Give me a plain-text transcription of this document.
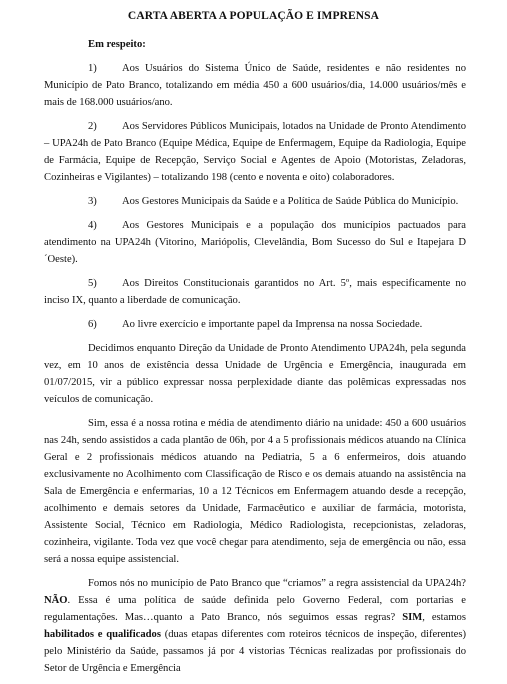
CARTA ABERTA A POPULAÇÃO E IMPRENSA

Em respeito:

1) Aos Usuários do Sistema Único de Saúde, residentes e não residentes no Município de Pato Branco, totalizando em média 450 a 600 usuários/dia, 14.000 usuários/mês e mais de 168.000 usuários/ano.

2) Aos Servidores Públicos Municipais, lotados na Unidade de Pronto Atendimento – UPA24h de Pato Branco (Equipe Médica, Equipe de Enfermagem, Equipe da Radiologia, Equipe de Farmácia, Equipe de Recepção, Serviço Social e Agentes de Apoio (Motoristas, Zeladoras, Cozinheiras e Vigilantes) – totalizando 198 (cento e noventa e oito) colaboradores.

3) Aos Gestores Municipais da Saúde e a Política de Saúde Pública do Município.

4) Aos Gestores Municipais e a população dos municípios pactuados para atendimento na UPA24h (Vitorino, Mariópolis, Clevelândia, Bom Sucesso do Sul e Itapejara D´Oeste).

5) Aos Direitos Constitucionais garantidos no Art. 5º, mais especificamente no inciso IX, quanto a liberdade de comunicação.

6) Ao livre exercício e importante papel da Imprensa na nossa Sociedade.

Decidimos enquanto Direção da Unidade de Pronto Atendimento UPA24h, pela segunda vez, em 10 anos de existência dessa Unidade de Urgência e Emergência, inaugurada em 01/07/2015, vir a público expressar nossa perplexidade diante das polêmicas expressadas nos veículos de comunicação.

Sim, essa é a nossa rotina e média de atendimento diário na unidade: 450 a 600 usuários nas 24h, sendo assistidos a cada plantão de 06h, por 4 a 5 profissionais médicos atuando na Clínica Geral e 2 profissionais médicos atuando na Pediatria, 5 a 6 enfermeiros, dois atuando exclusivamente no Acolhimento com Classificação de Risco e os demais atuando na assistência na Sala de Emergência e enfermarias, 10 a 12 Técnicos em Enfermagem atuando desde a recepção, acolhimento e demais setores da Unidade, Farmacêutico e auxiliar de farmácia, motorista, Assistente Social, Técnico em Radiologia, Médico Radiologista, recepcionistas, zeladoras, cozinheira, vigilante. Toda vez que você chegar para atendimento, seja de emergência ou não, essa será a nossa equipe assistencial.

Fomos nós no município de Pato Branco que “criamos” a regra assistencial da UPA24h? NÃO. Essa é uma política de saúde definida pelo Governo Federal, com portarias e regulamentações. Mas…quanto a Pato Branco, nós seguimos essas regras? SIM, estamos habilitados e qualificados (duas etapas diferentes com roteiros técnicos de inspeção, diferentes) pelo Ministério da Saúde, passamos já por 4 vistorias Técnicas realizadas por profissionais do Setor de Urgência e Emergência
